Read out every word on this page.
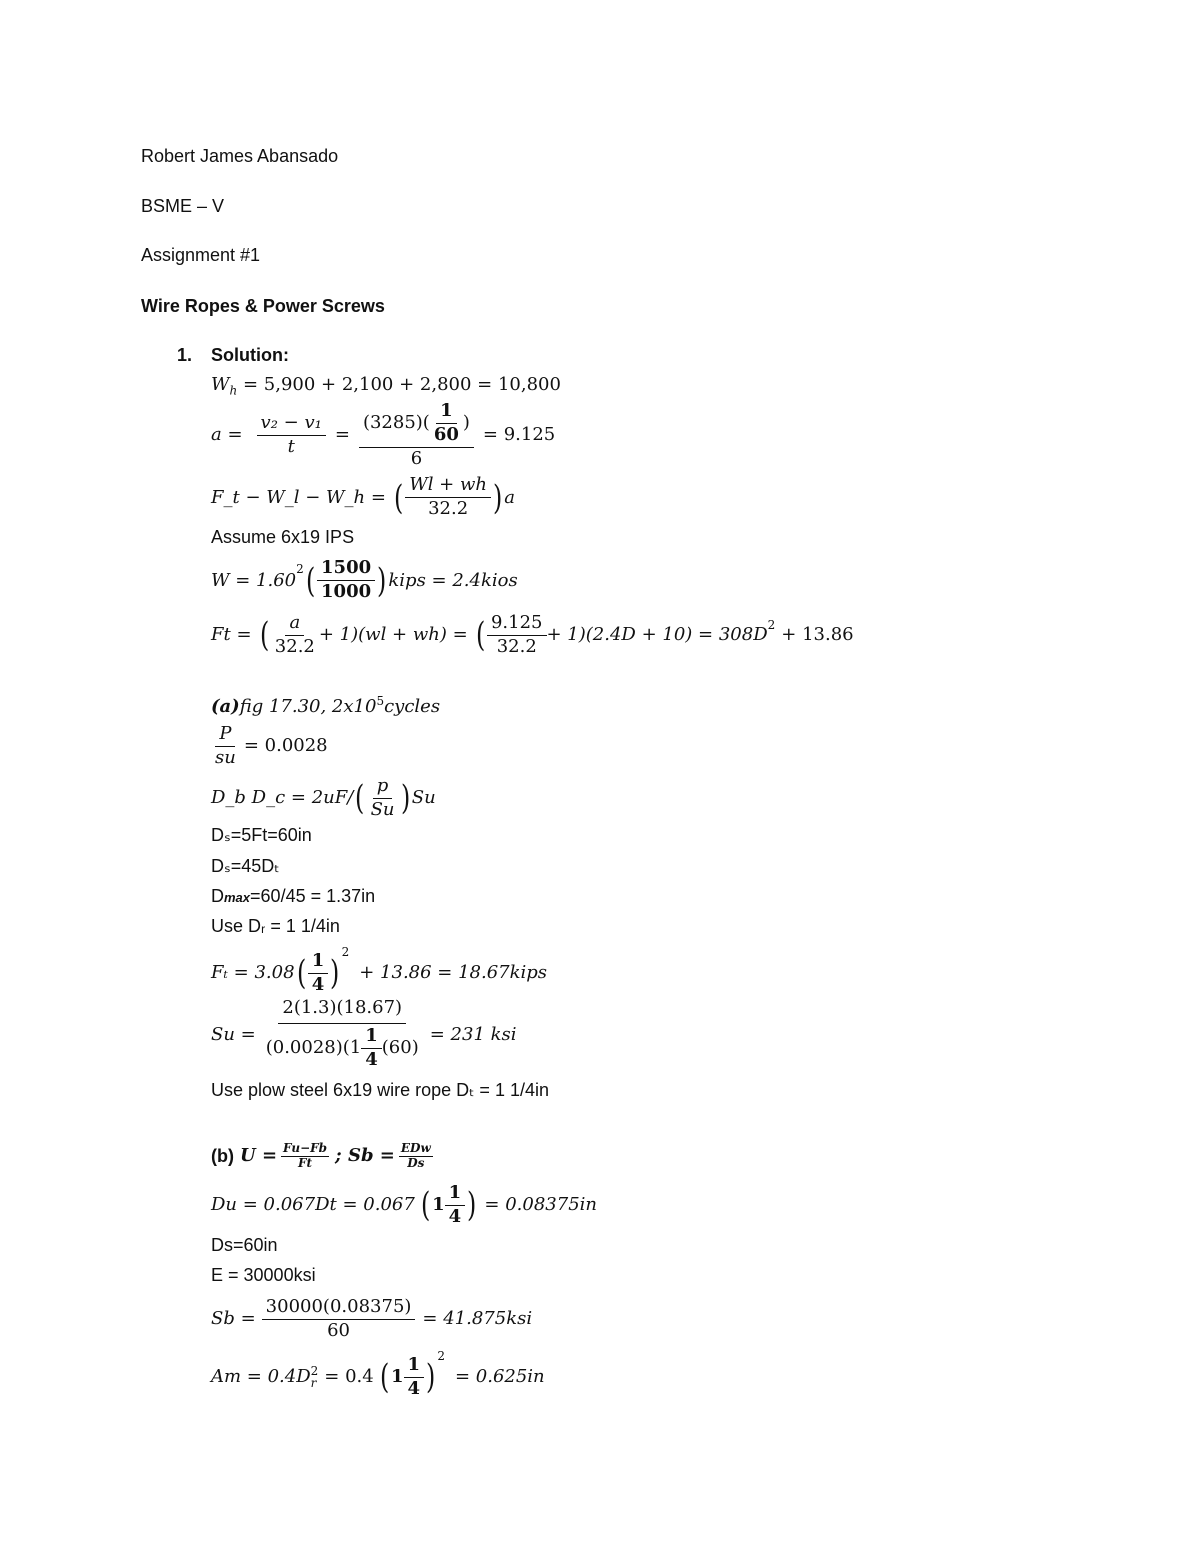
Robert James Abansado
BSME – V
Assignment #1
Wire Ropes & Power Screws
1. Solution:
$W_h = 5,900 + 2,100 + 2,800 = 10,800$
$a = \frac{\text{v₂ − v₁}}{t} = \frac{(3285)( \frac{1}{60} )}{6} = 9.125$
F_t − W_l − W_h = ( $\frac{Wl + wh}{32.2}$ ) a
Assume 6x19 IPS
W = 1.60
$^2$ ( $\frac{1500}{1000}$ ) kips = 2.4kios
Ft = ( $\frac{a}{32.2} + 1)(wl + wh)$ = ( $\frac{9.125}{32.2} + 1)(2.4D + 10) = 308D^2 + 13.86$
(a)fig 17.30, $2x10^5cycles$
$\frac{P}{su} = 0.0028$
D_b D_c = 2uF/ ( $\frac{p}{Su}$ ) Su
Dₛ=5Ft=60in
Dₛ=45Dₜ
Dmax=60/45 = 1.37in
Use Dᵣ = 1 1/4in
Fₜ = 3.08 ( $\frac{1}{4}$ )
$^2$
+ 13.86 = 18.67kips
Su =
2(1.3)(18.67)
$(0.0028)(1 \frac{1}{4} (60)$
= 231 ksi
Use plow steel 6x19 wire rope Dₜ = 1 1/4in
(b) $U = \frac{Fu-Fb}{Ft}$ ; Sb = EDw
Ds
Du = 0.067Dt = 0.067 ( $1 \frac{1}{4}$ ) = 0.08375in
Ds=60in
E = 30000ksi
$Sb = \frac{30000(0.08375)}{60} = 41.875ksi$
Am = 0.4D 2
r = 0.4 ( $1 \frac{1}{4}$ )
$^2$
= 0.625in
